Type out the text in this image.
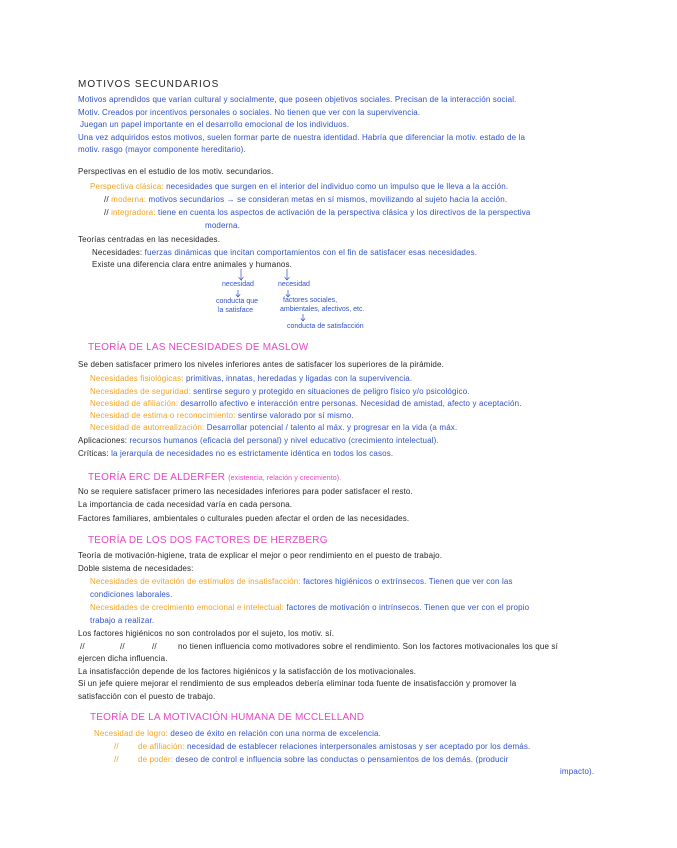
MOTIVOS SECUNDARIOS
Motivos aprendidos que varían cultural y socialmente, que poseen objetivos sociales. Precisan de la interacción social.
Motiv. Creados por incentivos personales o sociales. No tienen que ver con la supervivencia.
Juegan un papel importante en el desarrollo emocional de los individuos.
Una vez adquiridos estos motivos, suelen formar parte de nuestra identidad. Habría que diferenciar la motiv. estado de la
motiv. rasgo (mayor componente hereditario).
Perspectivas en el estudio de los motiv. secundarios.
Perspectiva clásica: necesidades que surgen en el interior del individuo como un impulso que le lleva a la acción.
// moderna: motivos secundarios → se consideran metas en sí mismos, movilizando al sujeto hacia la acción.
// integradora: tiene en cuenta los aspectos de activación de la perspectiva clásica y los directivos de la perspectiva
moderna.
Teorías centradas en las necesidades.
Necesidades: fuerzas dinámicas que incitan comportamientos con el fin de satisfacer esas necesidades.
Existe una diferencia clara entre animales y humanos.
necesidad	necesidad
conducta que
la satisface
factores sociales,
ambientales, afectivos, etc.
conducta de satisfacción
TEORÍA DE LAS NECESIDADES DE MASLOW
Se deben satisfacer primero los niveles inferiores antes de satisfacer los superiores de la pirámide.
Necesidades fisiológicas: primitivas, innatas, heredadas y ligadas con la supervivencia.
Necesidades de seguridad: sentirse seguro y protegido en situaciones de peligro físico y/o psicológico.
Necesidad de afiliación: desarrollo afectivo e interacción entre personas. Necesidad de amistad, afecto y aceptación.
Necesidad de estima o reconocimiento: sentirse valorado por sí mismo.
Necesidad de autorrealización: Desarrollar potencial / talento al máx. y progresar en la vida (a máx.
Aplicaciones: recursos humanos (eficacia del personal) y nivel educativo (crecimiento intelectual).
Críticas: la jerarquía de necesidades no es estrictamente idéntica en todos los casos.
TEORÍA ERC DE ALDERFER (existencia, relación y crecimiento).
No se requiere satisfacer primero las necesidades inferiores para poder satisfacer el resto.
La importancia de cada necesidad varía en cada persona.
Factores familiares, ambientales o culturales pueden afectar el orden de las necesidades.
TEORÍA DE LOS DOS FACTORES DE HERZBERG
Teoría de motivación-higiene, trata de explicar el mejor o peor rendimiento en el puesto de trabajo.
Doble sistema de necesidades:
Necesidades de evitación de estímulos de insatisfacción: factores higiénicos o extrínsecos. Tienen que ver con las
condiciones laborales.
Necesidades de crecimiento emocional e intelectual: factores de motivación o intrínsecos. Tienen que ver con el propio
trabajo a realizar.
Los factores higiénicos no son controlados por el sujeto, los motiv. sí.
//	//	//	no tienen influencia como motivadores sobre el rendimiento. Son los factores motivacionales los que sí
ejercen dicha influencia.
La insatisfacción depende de los factores higiénicos y la satisfacción de los motivacionales.
Si un jefe quiere mejorar el rendimiento de sus empleados debería eliminar toda fuente de insatisfacción y promover la
satisfacción con el puesto de trabajo.
TEORÍA DE LA MOTIVACIÓN HUMANA DE MCCLELLAND
Necesidad de logro: deseo de éxito en relación con una norma de excelencia.
// de afiliación: necesidad de establecer relaciones interpersonales amistosas y ser aceptado por los demás.
// de poder: deseo de control e influencia sobre las conductas o pensamientos de los demás. (producir
impacto).
